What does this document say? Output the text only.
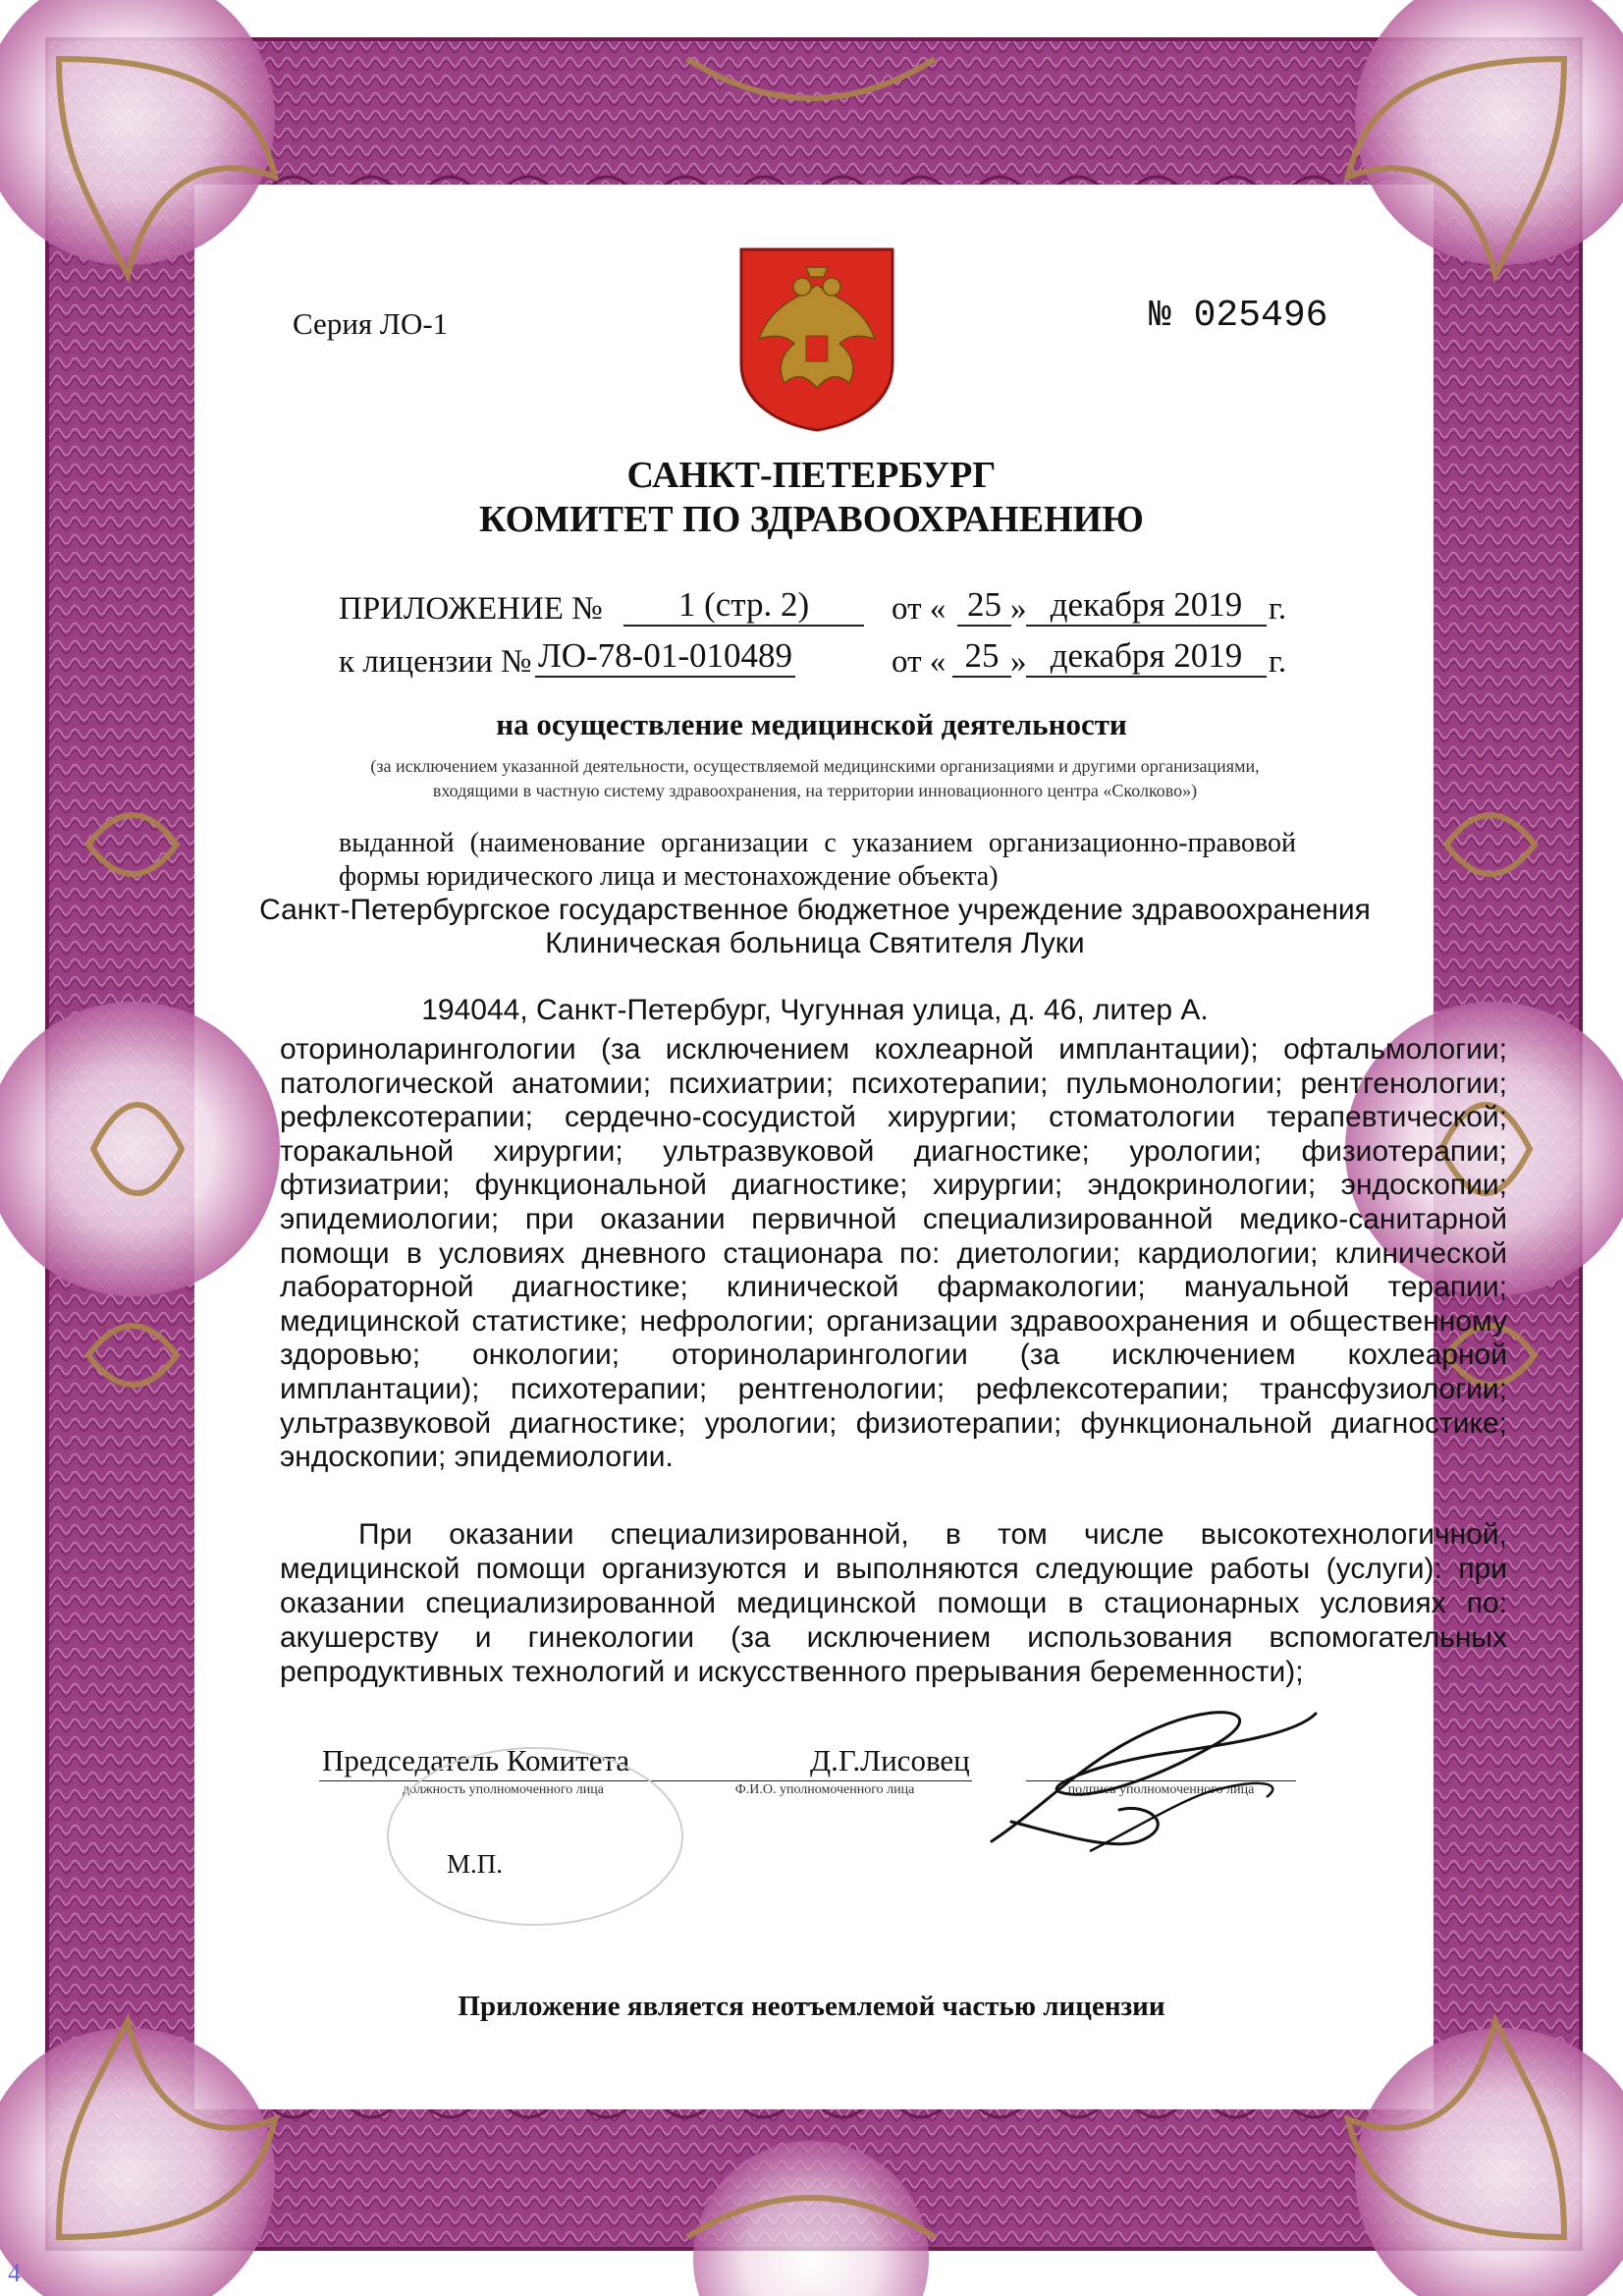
Серия ЛО-1	№ 025496
САНКТ-ПЕТЕРБУРГ
КОМИТЕТ ПО ЗДРАВООХРАНЕНИЮ
ПРИЛОЖЕНИЕ №	1 (стр. 2)	от « 25 » декабря 2019 г.
к лицензии № ЛО-78-01-010489	от « 25 » декабря 2019 г.
на осуществление медицинской деятельности
(за исключением указанной деятельности, осуществляемой медицинскими организациями и другими организациями, входящими в частную систему здравоохранения, на территории инновационного центра «Сколково»)
выданной (наименование организации с указанием организационно-правовой формы юридического лица и местонахождение объекта)
Санкт-Петербургское государственное бюджетное учреждение здравоохранения
Клиническая больница Святителя Луки
194044, Санкт-Петербург, Чугунная улица, д. 46, литер А.

оториноларингологии (за исключением кохлеарной имплантации); офтальмологии;

патологической анатомии; психиатрии; психотерапии; пульмонологии; рентгенологии;

рефлексотерапии; сердечно-сосудистой хирургии; стоматологии терапевтической;

торакальной хирургии; ультразвуковой диагностике; урологии; физиотерапии;

фтизиатрии; функциональной диагностике; хирургии; эндокринологии; эндоскопии;

эпидемиологии; при оказании первичной специализированной медико-санитарной

помощи в условиях дневного стационара по: диетологии; кардиологии; клинической

лабораторной диагностике; клинической фармакологии; мануальной терапии;

медицинской статистике; нефрологии; организации здравоохранения и общественному

здоровью; онкологии; оториноларингологии (за исключением кохлеарной

имплантации); психотерапии; рентгенологии; рефлексотерапии; трансфузиологии;

ультразвуковой диагностике; урологии; физиотерапии; функциональной диагностике;

эндоскопии; эпидемиологии.

При оказании специализированной, в том числе высокотехнологичной, медицинской помощи организуются и выполняются следующие работы (услуги): при оказании специализированной медицинской помощи в стационарных условиях по: акушерству и гинекологии (за исключением использования вспомогательных репродуктивных технологий и искусственного прерывания беременности);
Председатель Комитета	Д.Г.Лисовец
должность уполномоченного лица	Ф.И.О. уполномоченного лица	подпись уполномоченного лица
М.П.
Приложение является неотъемлемой частью лицензии
4
